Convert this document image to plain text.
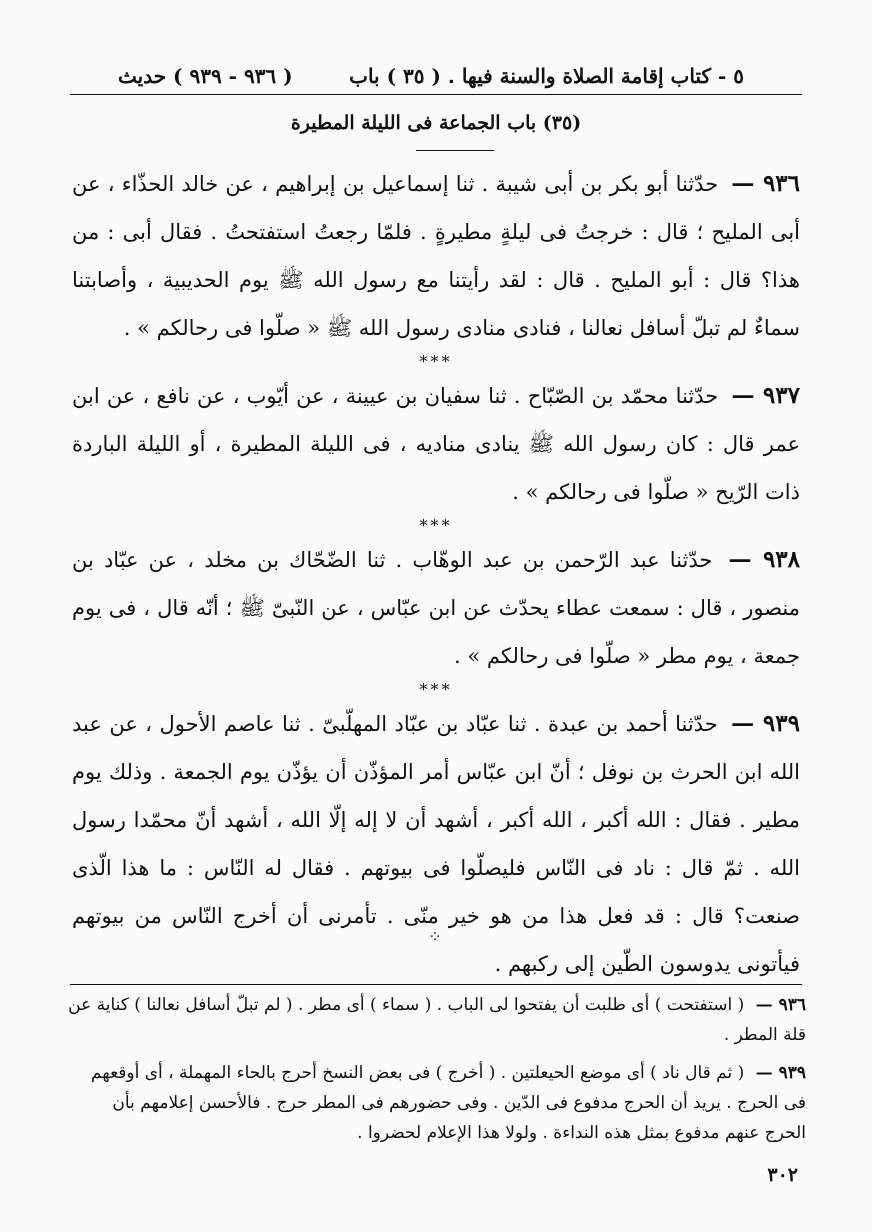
٥ - كتاب إقامة الصلاة والسنة فيها . ( ٣٥ ) باب
( ٩٣٦ - ٩٣٩ ) حديث
(٣٥) باب الجماعة فى الليلة المطيرة
٩٣٦ — حدّثنا أبو بكر بن أبى شيبة . ثنا إسماعيل بن إبراهيم ، عن خالد الحذّاء ، عن أبى المليح ؛ قال : خرجتُ فى ليلةٍ مطيرةٍ . فلمّا رجعتُ استفتحتُ . فقال أبى : من هذا؟ قال : أبو المليح . قال : لقد رأيتنا مع رسول الله ﷺ يوم الحديبية ، وأصابتنا سماءٌ لم تبلّ أسافل نعالنا ، فنادى منادى رسول الله ﷺ « صلّوا فى رحالكم » .
***
٩٣٧ — حدّثنا محمّد بن الصّبّاح . ثنا سفيان بن عيينة ، عن أيّوب ، عن نافع ، عن ابن عمر قال : كان رسول الله ﷺ ينادى مناديه ، فى الليلة المطيرة ، أو الليلة الباردة ذات الرّيح « صلّوا فى رحالكم » .
***
٩٣٨ — حدّثنا عبد الرّحمن بن عبد الوهّاب . ثنا الضّحّاك بن مخلد ، عن عبّاد بن منصور ، قال : سمعت عطاء يحدّث عن ابن عبّاس ، عن النّبىّ ﷺ ؛ أنّه قال ، فى يوم جمعة ، يوم مطر « صلّوا فى رحالكم » .
***
٩٣٩ — حدّثنا أحمد بن عبدة . ثنا عبّاد بن عبّاد المهلّبىّ . ثنا عاصم الأحول ، عن عبد الله ابن الحرث بن نوفل ؛ أنّ ابن عبّاس أمر المؤذّن أن يؤذّن يوم الجمعة . وذلك يوم مطير . فقال : الله أكبر ، الله أكبر ، أشهد أن لا إله إلّا الله ، أشهد أنّ محمّدا رسول الله . ثمّ قال : ناد فى النّاس فليصلّوا فى بيوتهم . فقال له النّاس : ما هذا الّذى صنعت؟ قال : قد فعل هذا من هو خير منّى . تأمرنى أن أخرج النّاس من بيوتهم فيأتونى يدوسون الطّين إلى ركبهم .
⁘
٩٣٦ — ( استفتحت ) أى طلبت أن يفتحوا لى الباب . ( سماء ) أى مطر . ( لم تبلّ أسافل نعالنا ) كناية عن قلة المطر .
٩٣٩ — ( ثم قال ناد ) أى موضع الحيعلتين . ( أخرج ) فى بعض النسخ أحرج بالحاء المهملة ، أى أوقعهم فى الحرج . يريد أن الحرج مدفوع فى الدّين . وفى حضورهم فى المطر حرج . فالأحسن إعلامهم بأن الحرج عنهم مدفوع بمثل هذه النداءة . ولولا هذا الإعلام لحضروا .
٣٠٢
